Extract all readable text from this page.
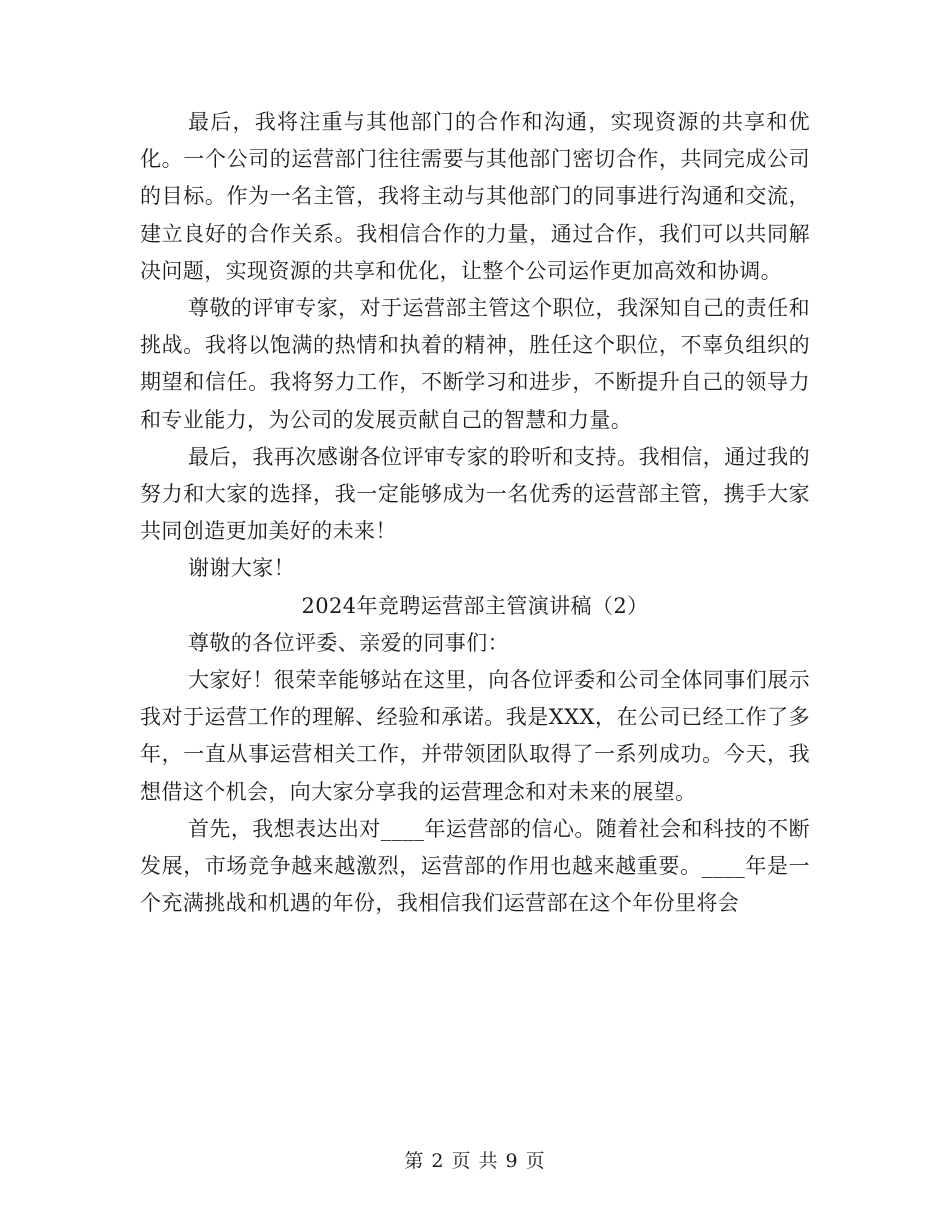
最后，我将注重与其他部门的合作和沟通，实现资源的共享和优化。一个公司的运营部门往往需要与其他部门密切合作，共同完成公司的目标。作为一名主管，我将主动与其他部门的同事进行沟通和交流，建立良好的合作关系。我相信合作的力量，通过合作，我们可以共同解决问题，实现资源的共享和优化，让整个公司运作更加高效和协调。

尊敬的评审专家，对于运营部主管这个职位，我深知自己的责任和挑战。我将以饱满的热情和执着的精神，胜任这个职位，不辜负组织的期望和信任。我将努力工作，不断学习和进步，不断提升自己的领导力和专业能力，为公司的发展贡献自己的智慧和力量。

最后，我再次感谢各位评审专家的聆听和支持。我相信，通过我的努力和大家的选择，我一定能够成为一名优秀的运营部主管，携手大家共同创造更加美好的未来！

谢谢大家！

2024年竞聘运营部主管演讲稿（2）

尊敬的各位评委、亲爱的同事们：

大家好！很荣幸能够站在这里，向各位评委和公司全体同事们展示我对于运营工作的理解、经验和承诺。我是XXX，在公司已经工作了多年，一直从事运营相关工作，并带领团队取得了一系列成功。今天，我想借这个机会，向大家分享我的运营理念和对未来的展望。

首先，我想表达出对____年运营部的信心。随着社会和科技的不断发展，市场竞争越来越激烈，运营部的作用也越来越重要。____年是一个充满挑战和机遇的年份，我相信我们运营部在这个年份里将会

第 2 页 共 9 页
